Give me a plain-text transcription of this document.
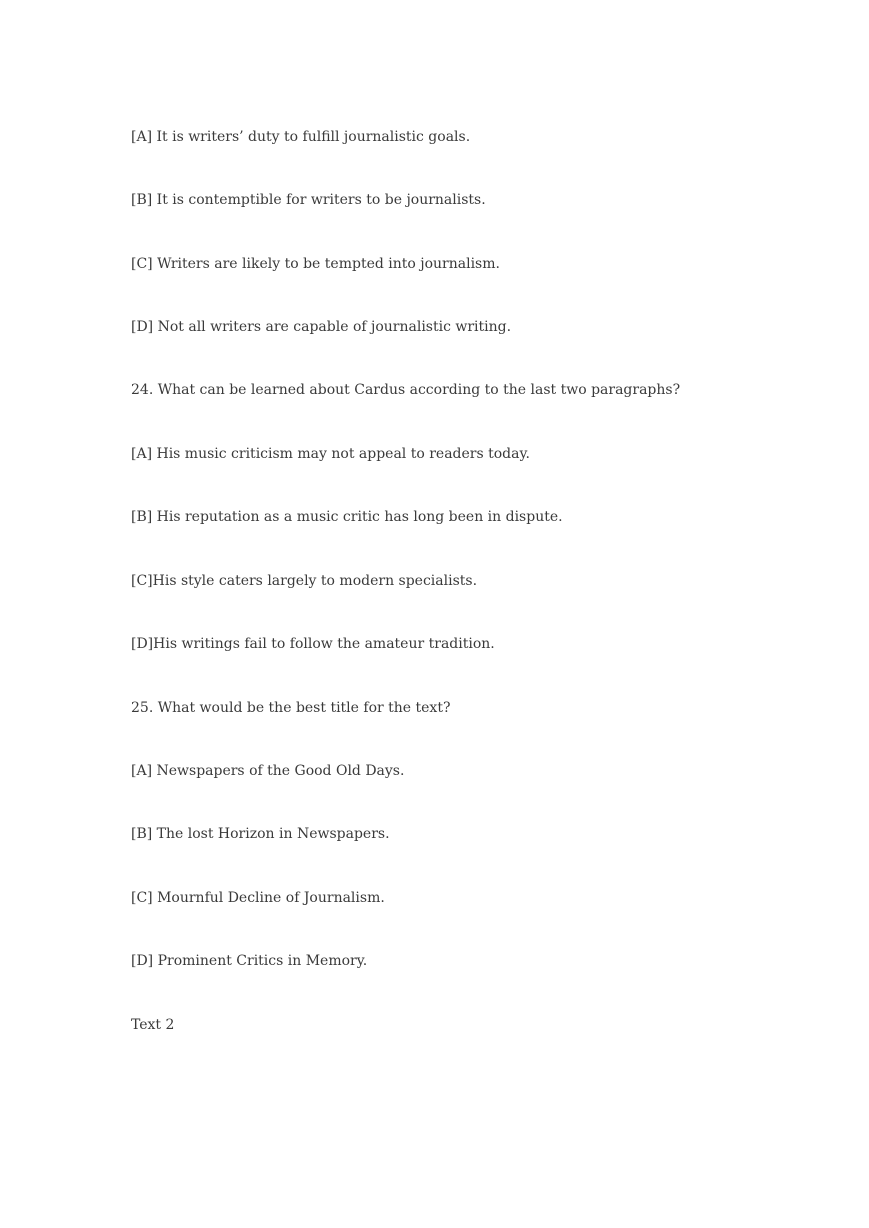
[A] It is writers’ duty to fulfill journalistic goals.

[B] It is contemptible for writers to be journalists.

[C] Writers are likely to be tempted into journalism.

[D] Not all writers are capable of journalistic writing.

24. What can be learned about Cardus according to the last two paragraphs?

[A] His music criticism may not appeal to readers today.

[B] His reputation as a music critic has long been in dispute.

[C]His style caters largely to modern specialists.

[D]His writings fail to follow the amateur tradition.

25. What would be the best title for the text?

[A] Newspapers of the Good Old Days.

[B] The lost Horizon in Newspapers.

[C] Mournful Decline of Journalism.

[D] Prominent Critics in Memory.

Text 2
